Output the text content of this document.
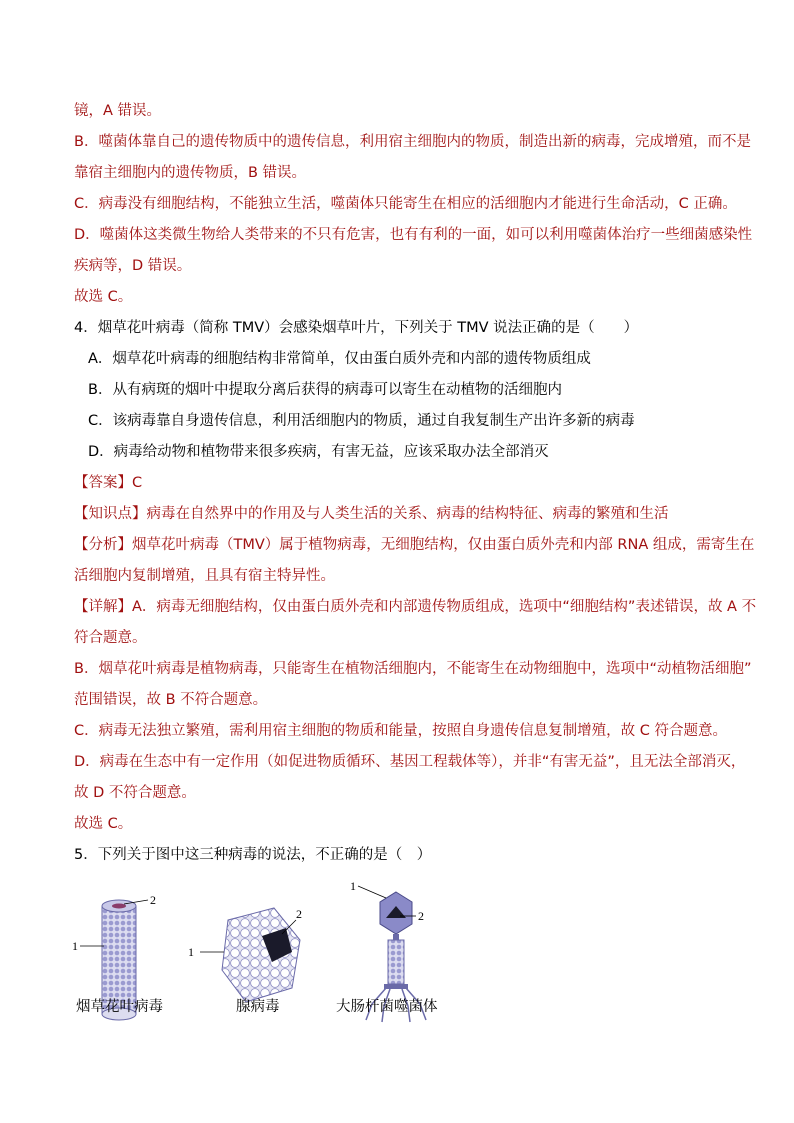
镜，A 错误。
B．噬菌体靠自己的遗传物质中的遗传信息，利用宿主细胞内的物质，制造出新的病毒，完成增殖，而不是
靠宿主细胞内的遗传物质，B 错误。
C．病毒没有细胞结构，不能独立生活，噬菌体只能寄生在相应的活细胞内才能进行生命活动，C 正确。
D．噬菌体这类微生物给人类带来的不只有危害，也有有利的一面，如可以利用噬菌体治疗一些细菌感染性
疾病等，D 错误。
故选 C。
4．烟草花叶病毒（简称 TMV）会感染烟草叶片，下列关于 TMV 说法正确的是（　　）
A．烟草花叶病毒的细胞结构非常简单，仅由蛋白质外壳和内部的遗传物质组成
B．从有病斑的烟叶中提取分离后获得的病毒可以寄生在动植物的活细胞内
C．该病毒靠自身遗传信息，利用活细胞内的物质，通过自我复制生产出许多新的病毒
D．病毒给动物和植物带来很多疾病，有害无益，应该采取办法全部消灭
【答案】C
【知识点】病毒在自然界中的作用及与人类生活的关系、病毒的结构特征、病毒的繁殖和生活
【分析】烟草花叶病毒（TMV）属于植物病毒，无细胞结构，仅由蛋白质外壳和内部 RNA 组成，需寄生在
活细胞内复制增殖，且具有宿主特异性。
【详解】A．病毒无细胞结构，仅由蛋白质外壳和内部遗传物质组成，选项中“细胞结构”表述错误，故 A 不
符合题意。
B．烟草花叶病毒是植物病毒，只能寄生在植物活细胞内，不能寄生在动物细胞中，选项中“动植物活细胞”
范围错误，故 B 不符合题意。
C．病毒无法独立繁殖，需利用宿主细胞的物质和能量，按照自身遗传信息复制增殖，故 C 符合题意。
D．病毒在生态中有一定作用（如促进物质循环、基因工程载体等），并非“有害无益”，且无法全部消灭，
故 D 不符合题意。
故选 C。
5．下列关于图中这三种病毒的说法，不正确的是（　）
1
2
1
2
1
2
烟草花叶病毒	腺病毒	大肠杆菌噬菌体
